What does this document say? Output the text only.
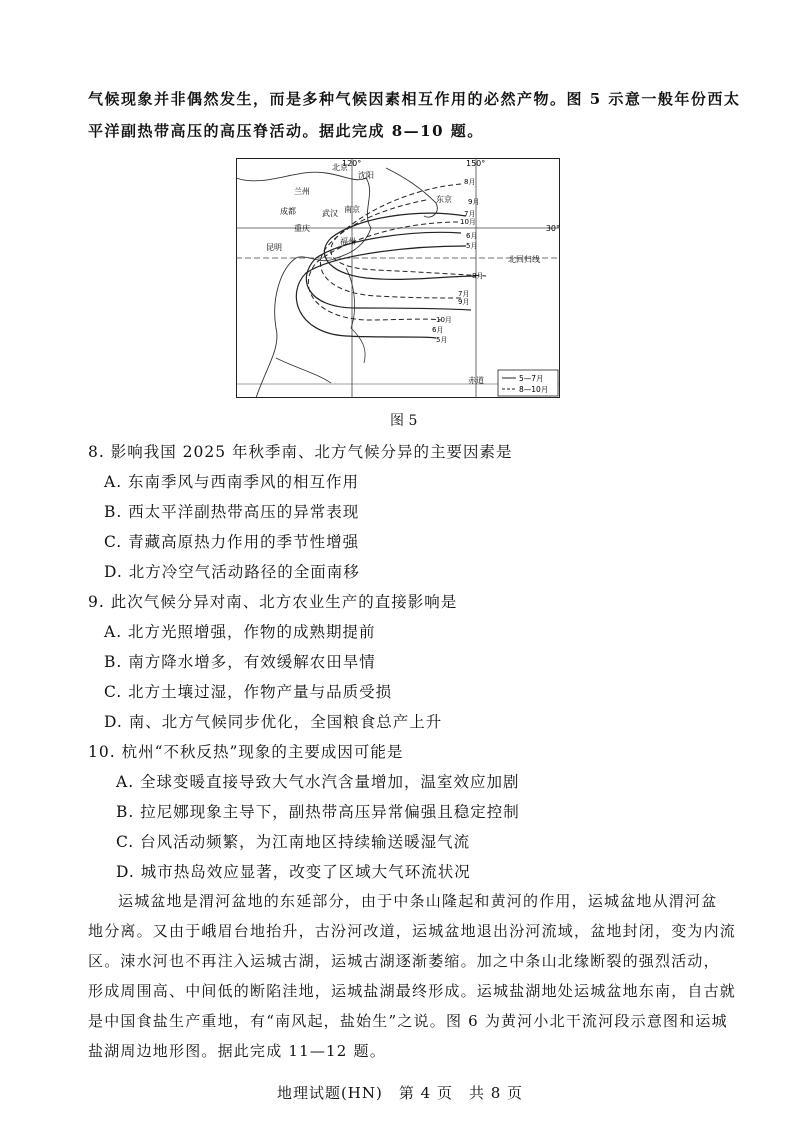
气候现象并非偶然发生，而是多种气候因素相互作用的必然产物。图 5 示意一般年份西太
平洋副热带高压的高压脊活动。据此完成 8—10 题。
120°	150°
30°
北回归线
赤道
北京
沈阳
兰州
成都	武汉 南京
东京
重庆
福州
昆明
8月
9月
7月
10月
6月
5月
8月
7月
9月
10月
6月
5月
5—7月
8—10月
图 5
8. 影响我国 2025 年秋季南、北方气候分异的主要因素是
A. 东南季风与西南季风的相互作用
B. 西太平洋副热带高压的异常表现
C. 青藏高原热力作用的季节性增强
D. 北方冷空气活动路径的全面南移
9. 此次气候分异对南、北方农业生产的直接影响是
A. 北方光照增强，作物的成熟期提前
B. 南方降水增多，有效缓解农田旱情
C. 北方土壤过湿，作物产量与品质受损
D. 南、北方气候同步优化，全国粮食总产上升
10. 杭州“不秋反热”现象的主要成因可能是
A. 全球变暖直接导致大气水汽含量增加，温室效应加剧
B. 拉尼娜现象主导下，副热带高压异常偏强且稳定控制
C. 台风活动频繁，为江南地区持续输送暖湿气流
D. 城市热岛效应显著，改变了区域大气环流状况
运城盆地是渭河盆地的东延部分，由于中条山隆起和黄河的作用，运城盆地从渭河盆
地分离。又由于峨眉台地抬升，古汾河改道，运城盆地退出汾河流域，盆地封闭，变为内流
区。涑水河也不再注入运城古湖，运城古湖逐渐萎缩。加之中条山北缘断裂的强烈活动，
形成周围高、中间低的断陷洼地，运城盐湖最终形成。运城盐湖地处运城盆地东南，自古就
是中国食盐生产重地，有“南风起，盐始生”之说。图 6 为黄河小北干流河段示意图和运城
盐湖周边地形图。据此完成 11—12 题。
地理试题(HN)　第 4 页　共 8 页
